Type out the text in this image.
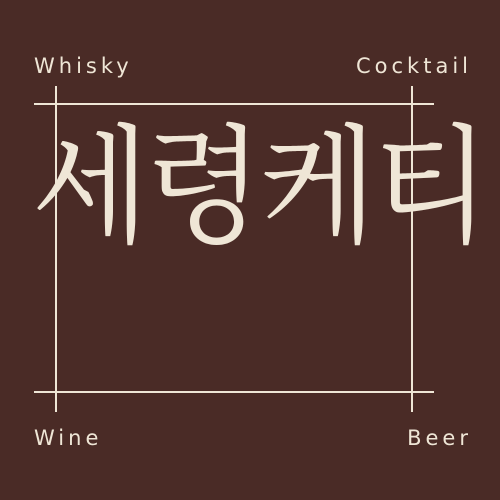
Whisky	Cocktail
Wine	Beer
세령케티
